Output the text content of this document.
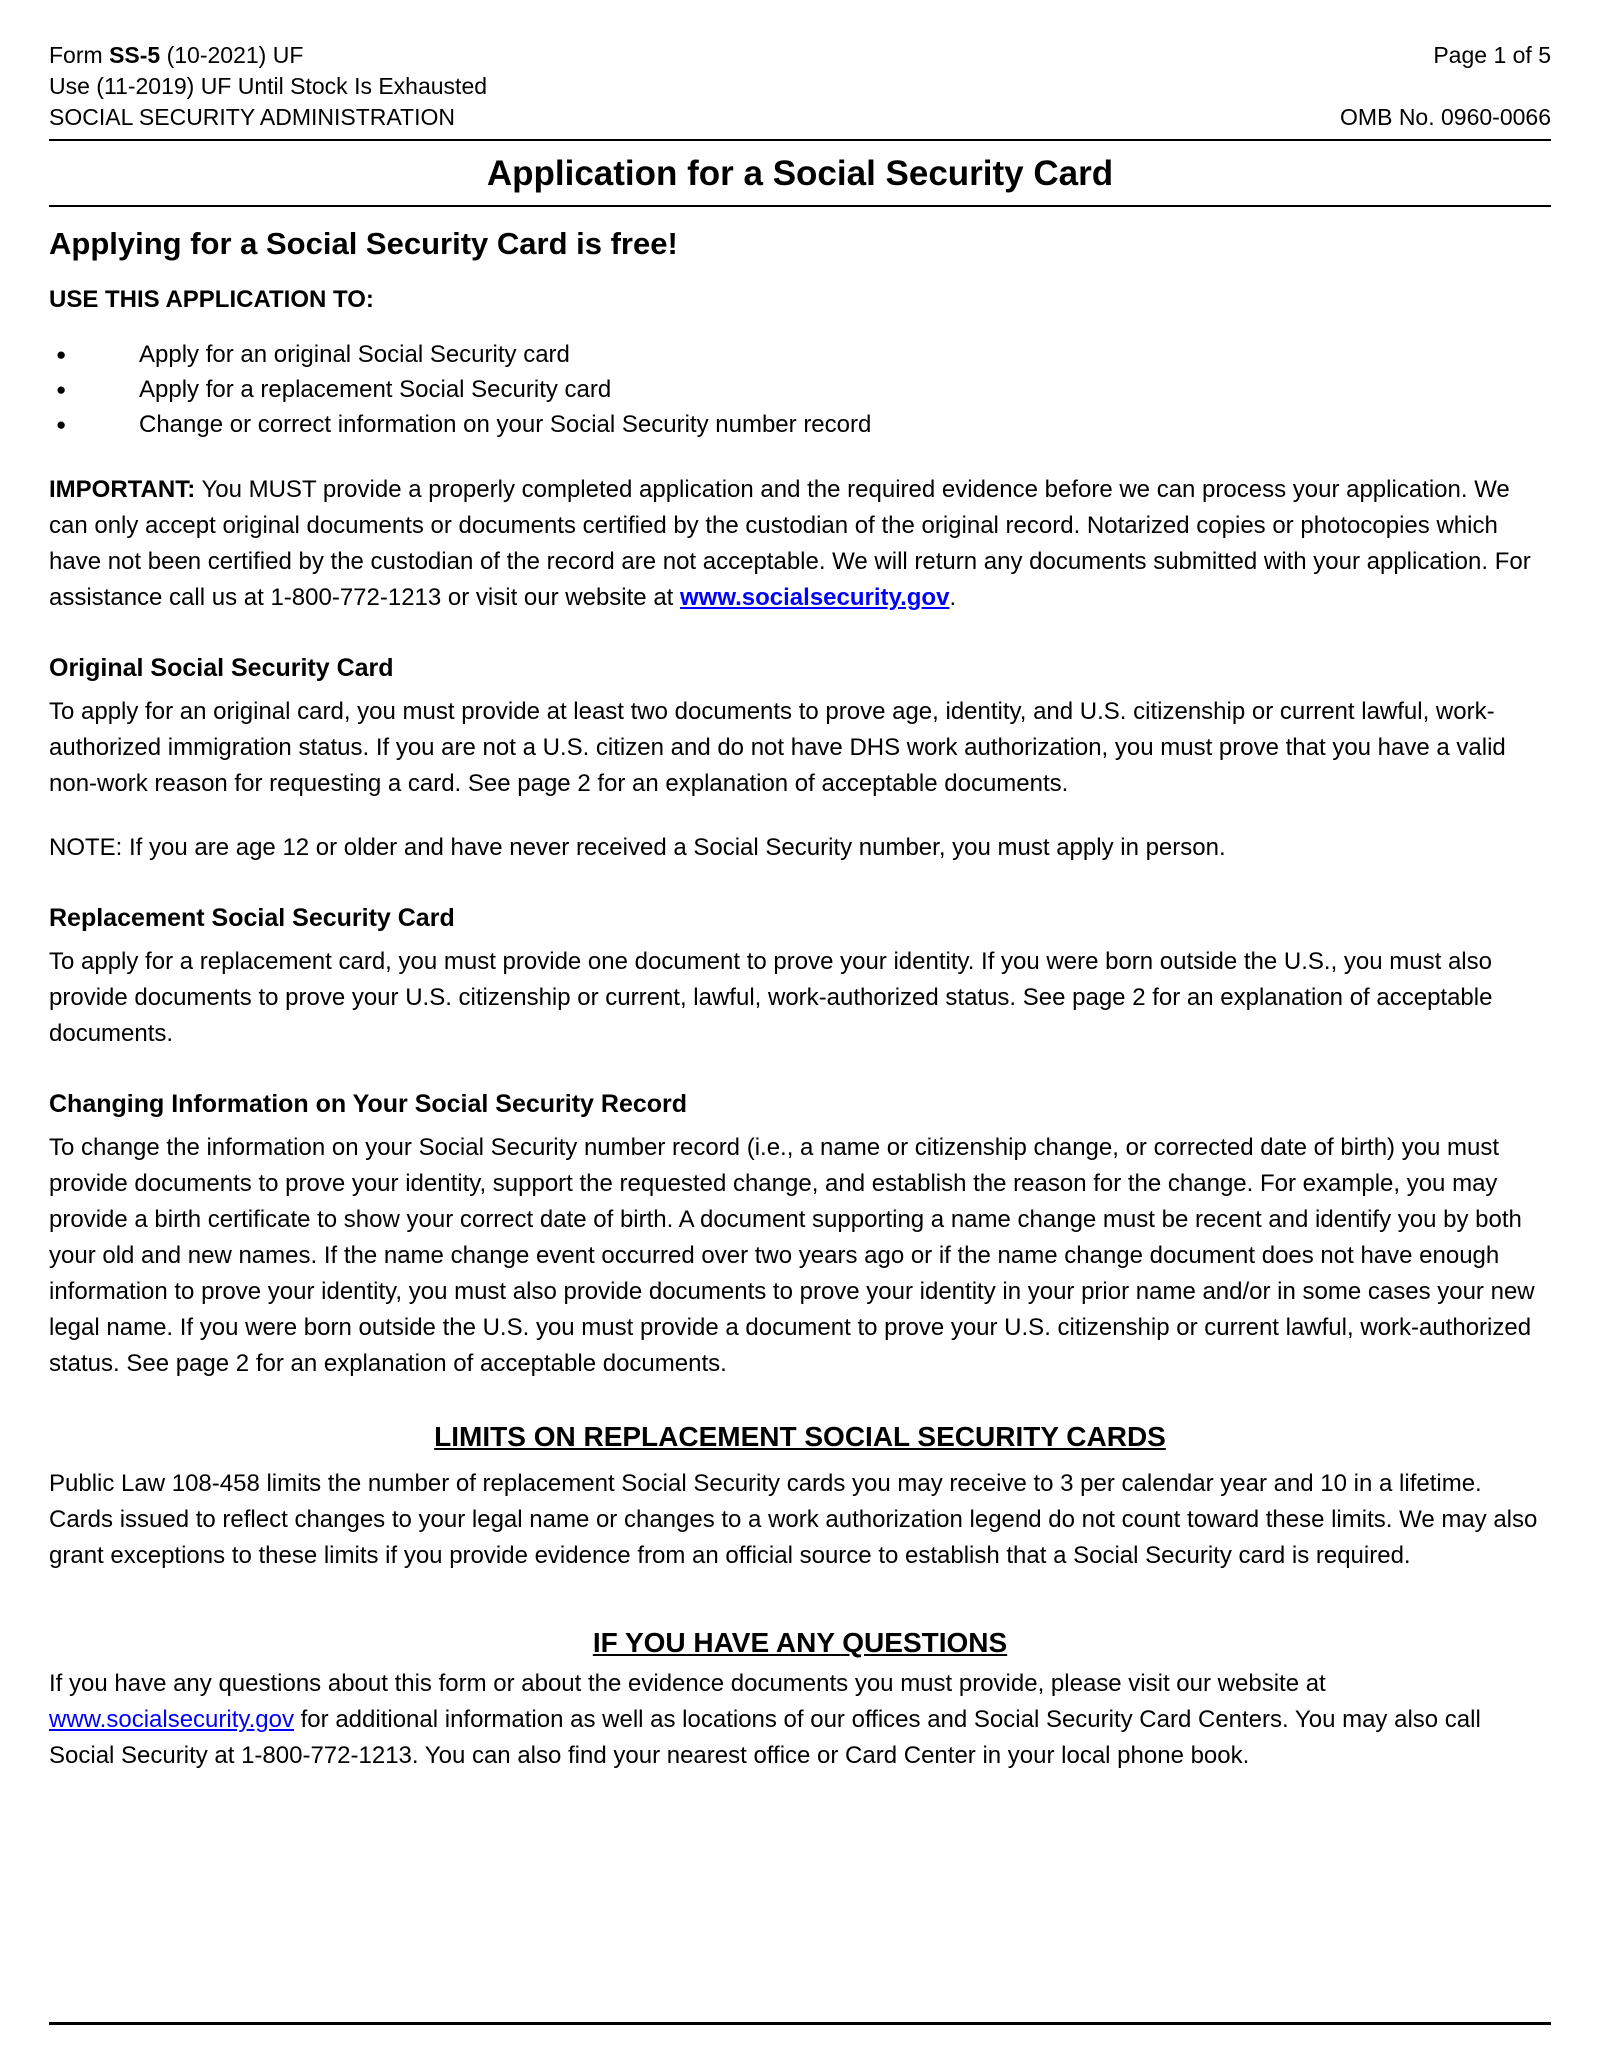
Form SS-5 (10-2021) UF
Use (11-2019) UF Until Stock Is Exhausted
SOCIAL SECURITY ADMINISTRATION
Page 1 of 5
OMB No. 0960-0066
Application for a Social Security Card
Applying for a Social Security Card is free!
USE THIS APPLICATION TO:
●	Apply for an original Social Security card
●	Apply for a replacement Social Security card
●	Change or correct information on your Social Security number record

IMPORTANT: You MUST provide a properly completed application and the required evidence before we can process your application. We can only accept original documents or documents certified by the custodian of the original record. Notarized copies or photocopies which have not been certified by the custodian of the record are not acceptable. We will return any documents submitted with your application. For assistance call us at 1-800-772-1213 or visit our website at www.socialsecurity.gov.

Original Social Security Card

To apply for an original card, you must provide at least two documents to prove age, identity, and U.S. citizenship or current lawful, work-authorized immigration status. If you are not a U.S. citizen and do not have DHS work authorization, you must prove that you have a valid non-work reason for requesting a card. See page 2 for an explanation of acceptable documents.

NOTE: If you are age 12 or older and have never received a Social Security number, you must apply in person.

Replacement Social Security Card

To apply for a replacement card, you must provide one document to prove your identity. If you were born outside the U.S., you must also provide documents to prove your U.S. citizenship or current, lawful, work-authorized status. See page 2 for an explanation of acceptable documents.

Changing Information on Your Social Security Record

To change the information on your Social Security number record (i.e., a name or citizenship change, or corrected date of birth) you must provide documents to prove your identity, support the requested change, and establish the reason for the change. For example, you may provide a birth certificate to show your correct date of birth. A document supporting a name change must be recent and identify you by both your old and new names. If the name change event occurred over two years ago or if the name change document does not have enough information to prove your identity, you must also provide documents to prove your identity in your prior name and/or in some cases your new legal name. If you were born outside the U.S. you must provide a document to prove your U.S. citizenship or current lawful, work-authorized status. See page 2 for an explanation of acceptable documents.

LIMITS ON REPLACEMENT SOCIAL SECURITY CARDS

Public Law 108-458 limits the number of replacement Social Security cards you may receive to 3 per calendar year and 10 in a lifetime. Cards issued to reflect changes to your legal name or changes to a work authorization legend do not count toward these limits. We may also grant exceptions to these limits if you provide evidence from an official source to establish that a Social Security card is required.

IF YOU HAVE ANY QUESTIONS

If you have any questions about this form or about the evidence documents you must provide, please visit our website at www.socialsecurity.gov for additional information as well as locations of our offices and Social Security Card Centers. You may also call Social Security at 1-800-772-1213. You can also find your nearest office or Card Center in your local phone book.
